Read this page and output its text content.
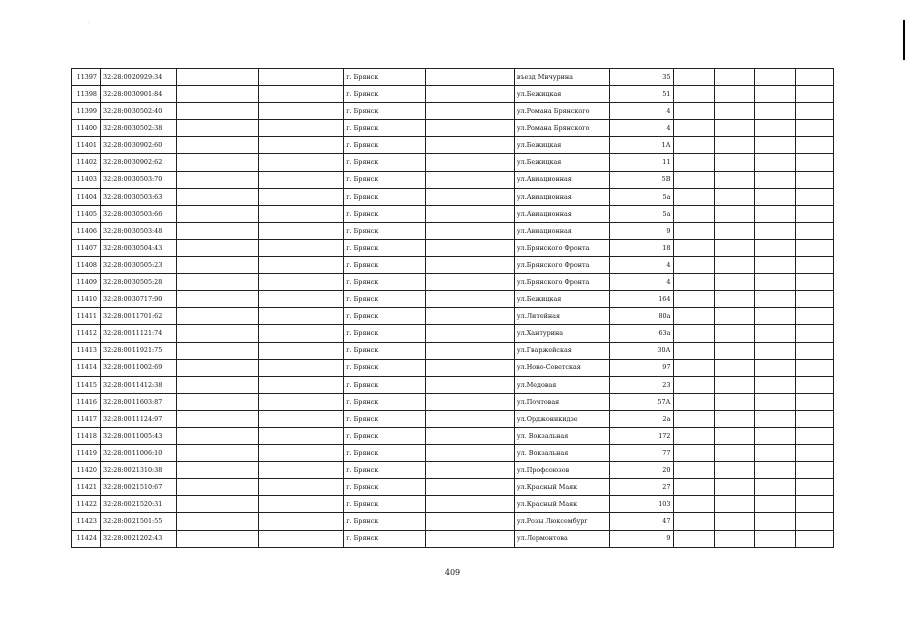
·
11397	32:28:0020929:34			г. Брянск		въезд Мичурина	35				
11398	32:28:0030901:84			г. Брянск		ул.Бежицкая	51				
11399	32:28:0030502:40			г. Брянск		ул.Романа Брянского	4				
11400	32:28:0030502:38			г. Брянск		ул.Романа Брянского	4				
11401	32:28:0030902:60			г. Брянск		ул.Бежицкая	1А				
11402	32:28:0030902:62			г. Брянск		ул.Бежицкая	11				
11403	32:28:0030503:70			г. Брянск		ул.Авиационная	5В				
11404	32:28:0030503:63			г. Брянск		ул.Авиационная	5а				
11405	32:28:0030503:66			г. Брянск		ул.Авиационная	5а				
11406	32:28:0030503:48			г. Брянск		ул.Авиационная	9				
11407	32:28:0030504:43			г. Брянск		ул.Брянского Фронта	18				
11408	32:28:0030505:23			г. Брянск		ул.Брянского Фронта	4				
11409	32:28:0030505:28			г. Брянск		ул.Брянского Фронта	4				
11410	32:28:0030717:90			г. Брянск		ул.Бежицкая	164				
11411	32:28:0011701:62			г. Брянск		ул.Литейная	80а				
11412	32:28:0011121:74			г. Брянск		ул.Хантурина	63а				
11413	32:28:0011921:75			г. Брянск		ул.Гваржейская	30А				
11414	32:28:0011002:69			г. Брянск		ул.Ново-Советская	97				
11415	32:28:0011412:38			г. Брянск		ул.Медовая	23				
11416	32:28:0011603:87			г. Брянск		ул.Почтовая	57А				
11417	32:28:0011124:97			г. Брянск		ул.Орджоникидзе	2а				
11418	32:28:0011005:43			г. Брянск		ул. Вокзальная	172				
11419	32:28:0011006:10			г. Брянск		ул. Вокзальная	77				
11420	32:28:0021310:38			г. Брянск		ул.Профсоюзов	20				
11421	32:28:0021510:67			г. Брянск		ул.Красный Маяк	27				
11422	32:28:0021520:31			г. Брянск		ул.Красный Маяк	103				
11423	32:28:0021501:55			г. Брянск		ул.Розы Люксембург	47				
11424	32:28:0021202:43			г. Брянск		ул.Лермонтова	9				
409
